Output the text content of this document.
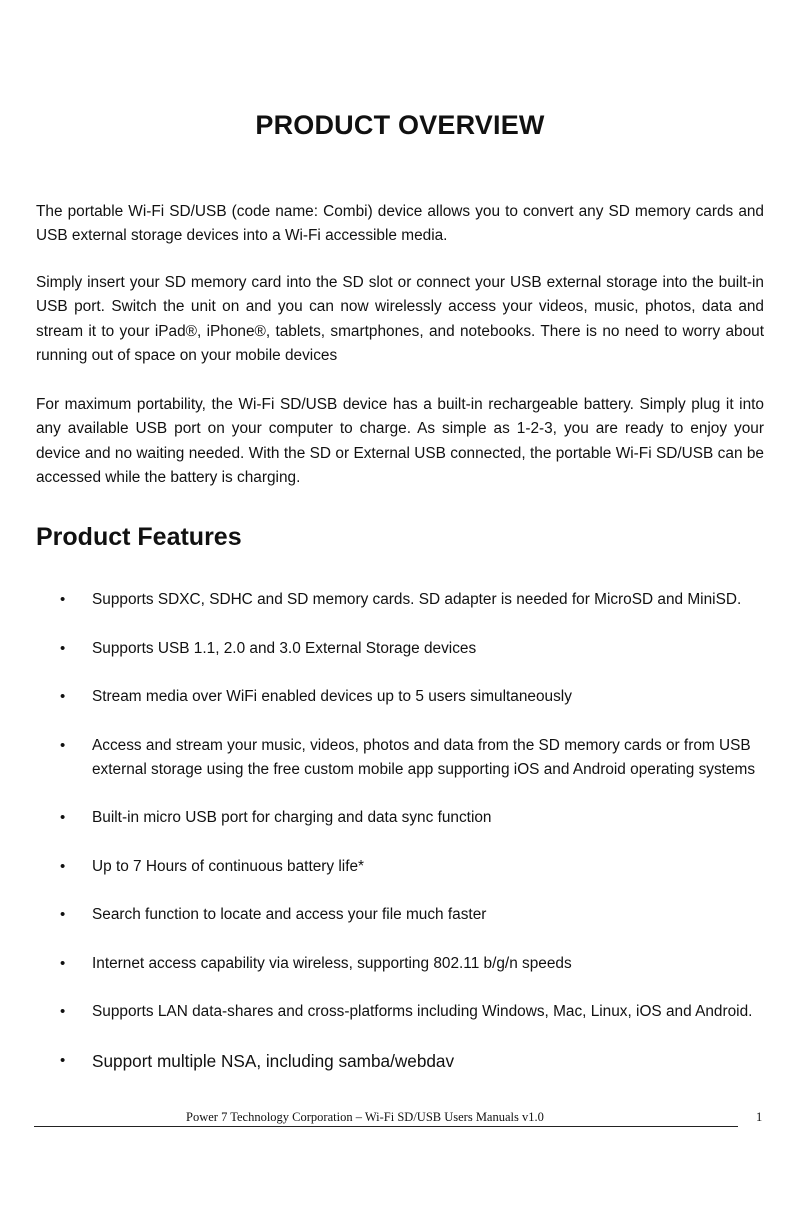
PRODUCT OVERVIEW

The portable Wi-Fi SD/USB (code name: Combi) device allows you to convert any SD memory cards and USB external storage devices into a Wi-Fi accessible media.

Simply insert your SD memory card into the SD slot or connect your USB external storage into the built-in USB port. Switch the unit on and you can now wirelessly access your videos, music, photos, data and stream it to your iPad®, iPhone®, tablets, smartphones, and notebooks. There is no need to worry about running out of space on your mobile devices

For maximum portability, the Wi-Fi SD/USB device has a built-in rechargeable battery. Simply plug it into any available USB port on your computer to charge. As simple as 1-2-3, you are ready to enjoy your device and no waiting needed. With the SD or External USB connected, the portable Wi-Fi SD/USB can be accessed while the battery is charging.

Product Features
• Supports SDXC, SDHC and SD memory cards. SD adapter is needed for MicroSD and MiniSD.
• Supports USB 1.1, 2.0 and 3.0 External Storage devices
• Stream media over WiFi enabled devices up to 5 users simultaneously
• Access and stream your music, videos, photos and data from the SD memory cards or from USB external storage using the free custom mobile app supporting iOS and Android operating systems
• Built-in micro USB port for charging and data sync function
• Up to 7 Hours of continuous battery life*
• Search function to locate and access your file much faster
• Internet access capability via wireless, supporting 802.11 b/g/n speeds
• Supports LAN data-shares and cross-platforms including Windows, Mac, Linux, iOS and Android.
• Support multiple NSA, including samba/webdav
Power 7 Technology Corporation – Wi-Fi SD/USB Users Manuals v1.0	1
